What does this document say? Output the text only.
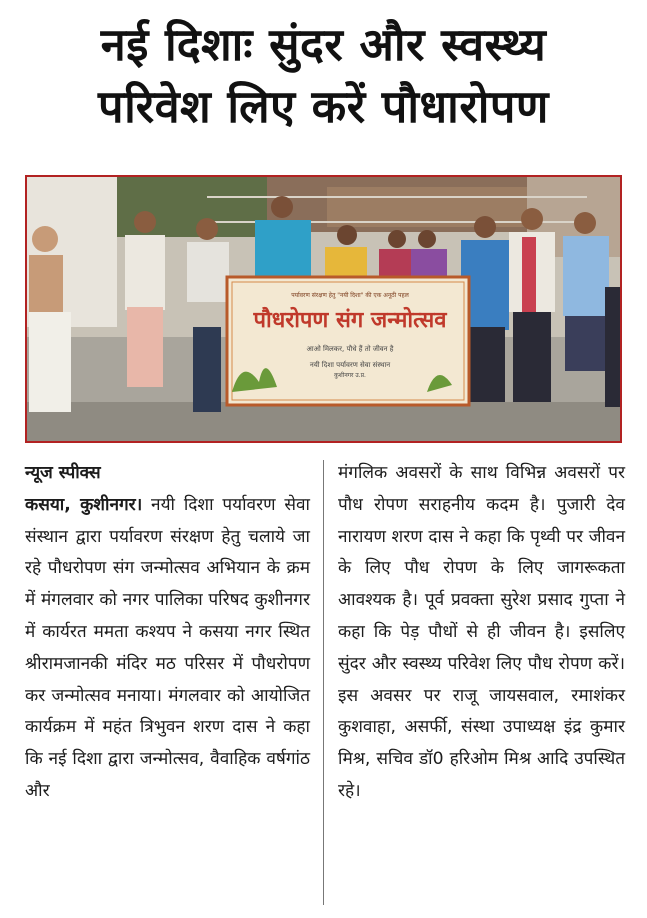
नई दिशाः सुंदर और स्वस्थ्य
परिवेश लिए करें पौधारोपण
पर्यावरण संरक्षण हेतु "नयी दिशा" की एक अनूठी पहल
पौधरोपण संग जन्मोत्सव
आओ मिलकर, पौधे हैं तो जीवन है
नयी दिशा पर्यावरण सेवा संस्थान
कुशीनगर उ.प्र.
न्यूज स्पीक्स
कसया, कुशीनगर। नयी दिशा पर्यावरण सेवा संस्थान द्वारा पर्यावरण संरक्षण हेतु चलाये जा रहे पौधरोपण संग जन्मोत्सव अभियान के क्रम में मंगलवार को नगर पालिका परिषद कुशीनगर में कार्यरत ममता कश्यप ने कसया नगर स्थित श्रीरामजानकी मंदिर मठ परिसर में पौधरोपण कर जन्मोत्सव मनाया। मंगलवार को आयोजित कार्यक्रम में महंत त्रिभुवन शरण दास ने कहा कि नई दिशा द्वारा जन्मोत्सव, वैवाहिक वर्षगांठ और
मंगलिक अवसरों के साथ विभिन्न अवसरों पर पौध रोपण सराहनीय कदम है। पुजारी देव नारायण शरण दास ने कहा कि पृथ्वी पर जीवन के लिए पौध रोपण के लिए जागरूकता आवश्यक है। पूर्व प्रवक्ता सुरेश प्रसाद गुप्ता ने कहा कि पेड़ पौधों से ही जीवन है। इसलिए सुंदर और स्वस्थ्य परिवेश लिए पौध रोपण करें। इस अवसर पर राजू जायसवाल, रमाशंकर कुशवाहा, असर्फी, संस्था उपाध्यक्ष इंद्र कुमार मिश्र, सचिव डॉ0 हरिओम मिश्र आदि उपस्थित रहे।
